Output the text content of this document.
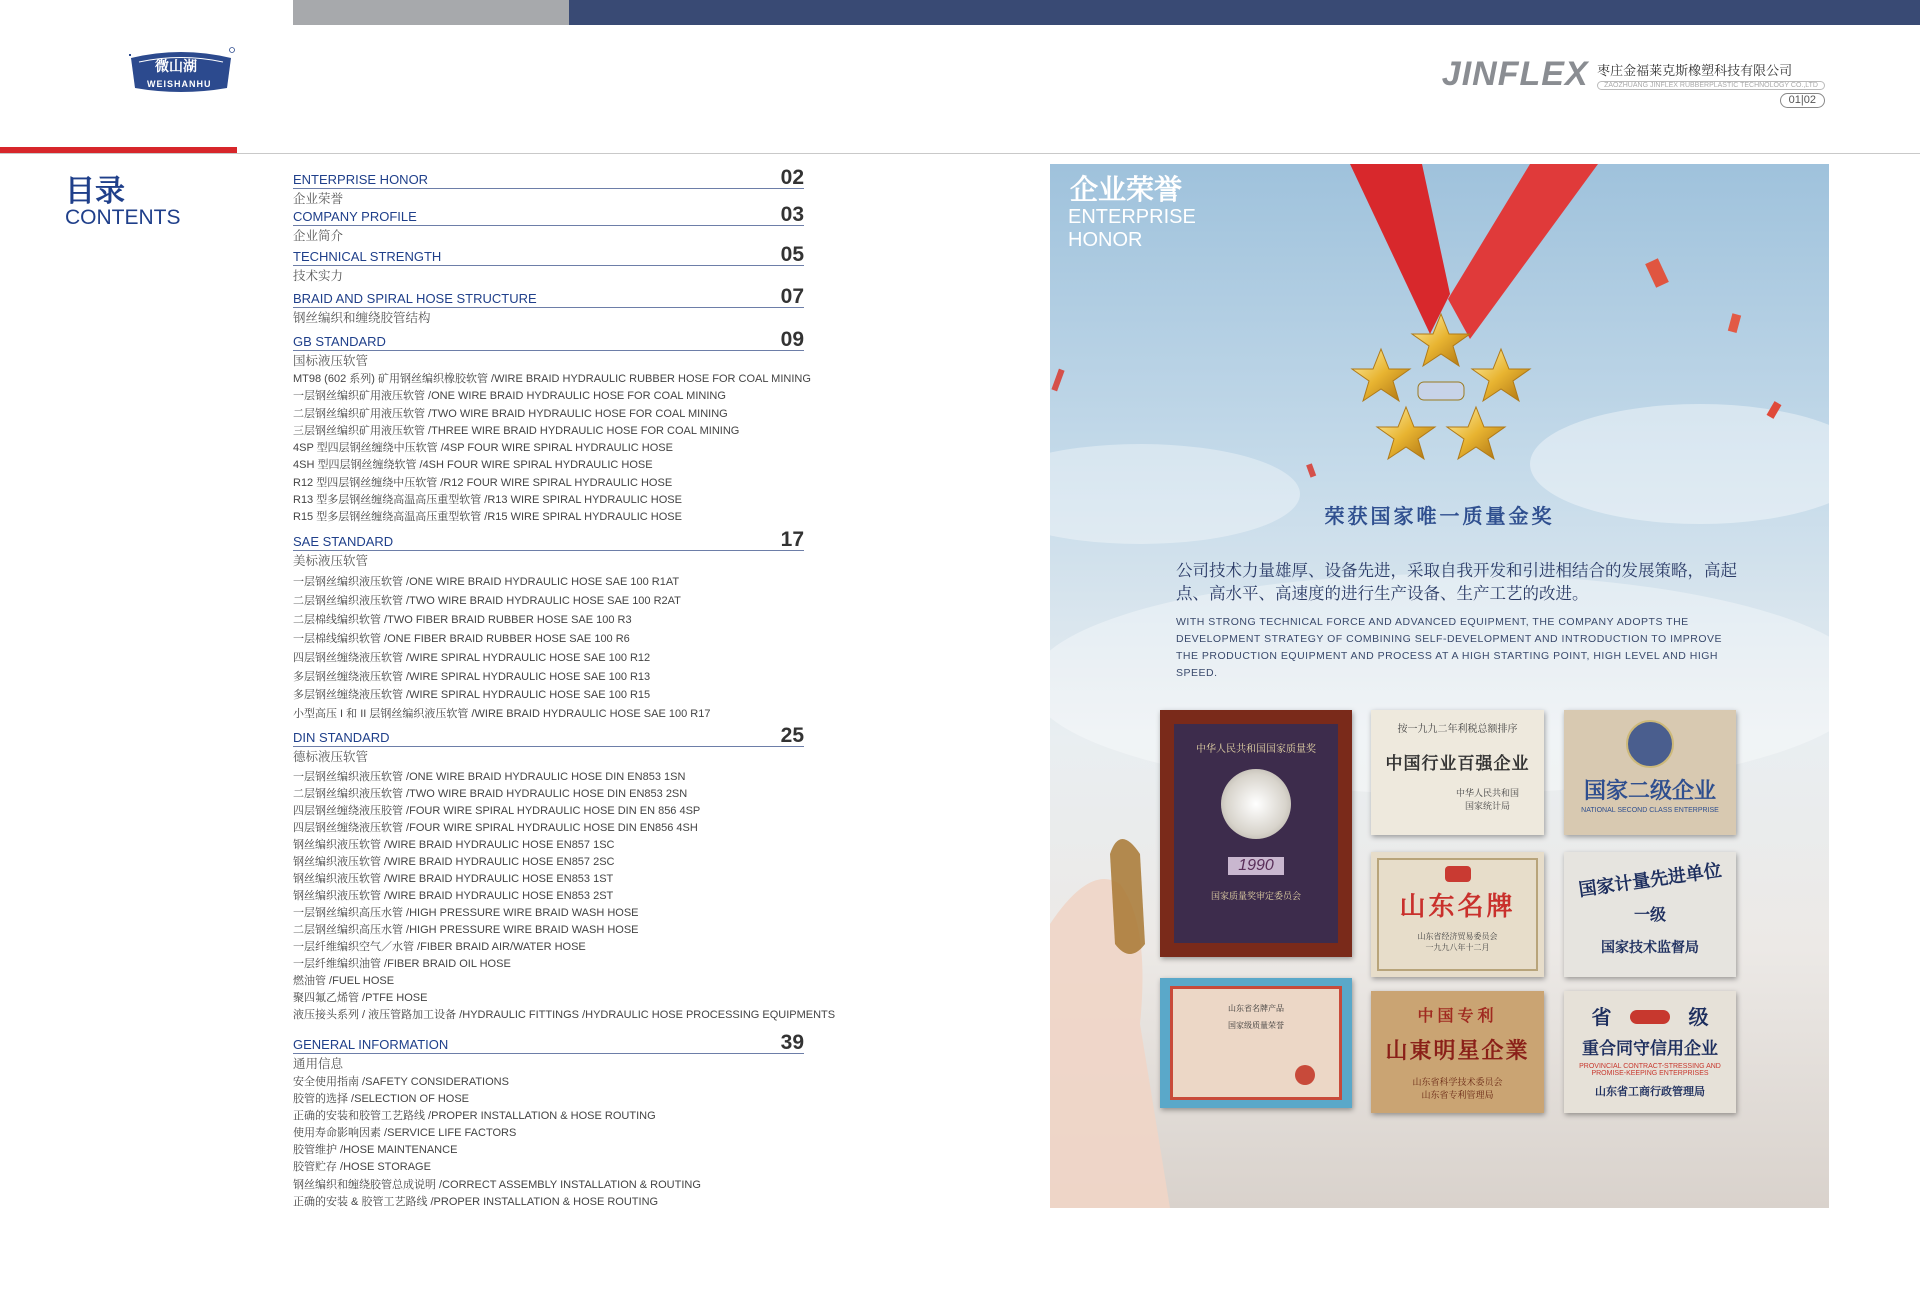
微山湖
WEISHANHU	JINFLEX 枣庄金福莱克斯橡塑科技有限公司
ZAOZHUANG JINFLEX RUBBERPLASTIC TECHNOLOGY CO.,LTD
01|02
目录
CONTENTS
ENTERPRISE HONOR	02
企业荣誉
COMPANY PROFILE	03
企业简介
TECHNICAL STRENGTH	05
技术实力
BRAID AND SPIRAL HOSE STRUCTURE	07
钢丝编织和缠绕胶管结构
GB STANDARD	09
国标液压软管
MT98 (602 系列) 矿用钢丝编织橡胶软管 /WIRE BRAID HYDRAULIC RUBBER HOSE FOR COAL MINING
一层钢丝编织矿用液压软管 /ONE WIRE BRAID HYDRAULIC HOSE FOR COAL MINING
二层钢丝编织矿用液压软管 /TWO WIRE BRAID HYDRAULIC HOSE FOR COAL MINING
三层钢丝编织矿用液压软管 /THREE WIRE BRAID HYDRAULIC HOSE FOR COAL MINING
4SP 型四层钢丝缠绕中压软管 /4SP FOUR WIRE SPIRAL HYDRAULIC HOSE
4SH 型四层钢丝缠绕软管 /4SH FOUR WIRE SPIRAL HYDRAULIC HOSE
R12 型四层钢丝缠绕中压软管 /R12 FOUR WIRE SPIRAL HYDRAULIC HOSE
R13 型多层钢丝缠绕高温高压重型软管 /R13 WIRE SPIRAL HYDRAULIC HOSE
R15 型多层钢丝缠绕高温高压重型软管 /R15 WIRE SPIRAL HYDRAULIC HOSE
SAE STANDARD	17
美标液压软管
一层钢丝编织液压软管 /ONE WIRE BRAID HYDRAULIC HOSE SAE 100 R1AT
二层钢丝编织液压软管 /TWO WIRE BRAID HYDRAULIC HOSE SAE 100 R2AT
二层棉线编织软管 /TWO FIBER BRAID RUBBER HOSE SAE 100 R3
一层棉线编织软管 /ONE FIBER BRAID RUBBER HOSE SAE 100 R6
四层钢丝缠绕液压软管 /WIRE SPIRAL HYDRAULIC HOSE SAE 100 R12
多层钢丝缠绕液压软管 /WIRE SPIRAL HYDRAULIC HOSE SAE 100 R13
多层钢丝缠绕液压软管 /WIRE SPIRAL HYDRAULIC HOSE SAE 100 R15
小型高压 I 和 II 层钢丝编织液压软管 /WIRE BRAID HYDRAULIC HOSE SAE 100 R17
DIN STANDARD	25
德标液压软管
一层钢丝编织液压软管 /ONE WIRE BRAID HYDRAULIC HOSE DIN EN853 1SN
二层钢丝编织液压软管 /TWO WIRE BRAID HYDRAULIC HOSE DIN EN853 2SN
四层钢丝缠绕液压胶管 /FOUR WIRE SPIRAL HYDRAULIC HOSE DIN EN 856 4SP
四层钢丝缠绕液压软管 /FOUR WIRE SPIRAL HYDRAULIC HOSE DIN EN856 4SH
钢丝编织液压软管 /WIRE BRAID HYDRAULIC HOSE EN857 1SC
钢丝编织液压软管 /WIRE BRAID HYDRAULIC HOSE EN857 2SC
钢丝编织液压软管 /WIRE BRAID HYDRAULIC HOSE EN853 1ST
钢丝编织液压软管 /WIRE BRAID HYDRAULIC HOSE EN853 2ST
一层钢丝编织高压水管 /HIGH PRESSURE WIRE BRAID WASH HOSE
二层钢丝编织高压水管 /HIGH PRESSURE WIRE BRAID WASH HOSE
一层纤维编织空气／水管 /FIBER BRAID AIR/WATER HOSE
一层纤维编织油管 /FIBER BRAID OIL HOSE
燃油管 /FUEL HOSE
聚四氟乙烯管 /PTFE HOSE
液压接头系列 / 液压管路加工设备 /HYDRAULIC FITTINGS /HYDRAULIC HOSE PROCESSING EQUIPMENTS
GENERAL INFORMATION	39
通用信息
安全使用指南 /SAFETY CONSIDERATIONS
胶管的选择 /SELECTION OF HOSE
正确的安装和胶管工艺路线 /PROPER INSTALLATION & HOSE ROUTING
使用寿命影响因素 /SERVICE LIFE FACTORS
胶管维护 /HOSE MAINTENANCE
胶管贮存 /HOSE STORAGE
钢丝编织和缠绕胶管总成说明 /CORRECT ASSEMBLY INSTALLATION & ROUTING
正确的安装 & 胶管工艺路线 /PROPER INSTALLATION & HOSE ROUTING
企业荣誉
ENTERPRISE HONOR
荣获国家唯一质量金奖
公司技术力量雄厚、设备先进，采取自我开发和引进相结合的发展策略，高起点、高水平、高速度的进行生产设备、生产工艺的改进。
WITH STRONG TECHNICAL FORCE AND ADVANCED EQUIPMENT, THE COMPANY ADOPTS THE DEVELOPMENT STRATEGY OF COMBINING SELF-DEVELOPMENT AND INTRODUCTION TO IMPROVE THE PRODUCTION EQUIPMENT AND PROCESS AT A HIGH STARTING POINT, HIGH LEVEL AND HIGH SPEED.
中华人民共和国国家质量奖
1990
国家质量奖审定委员会
按一九九二年利税总额排序
中国行业百强企业
中华人民共和国
国家统计局
国家二级企业
NATIONAL SECOND CLASS ENTERPRISE
山东名牌
山东省经济贸易委员会
一九九八年十二月
国家计量先进单位
一级
国家技术监督局
山东省名牌产品
国家级质量荣誉
中国专利
山東明星企業
山东省科学技术委员会
山东省专利管理局
省	级
重合同守信用企业
PROVINCIAL CONTRACT-STRESSING AND
PROMISE-KEEPING ENTERPRISES
山东省工商行政管理局
